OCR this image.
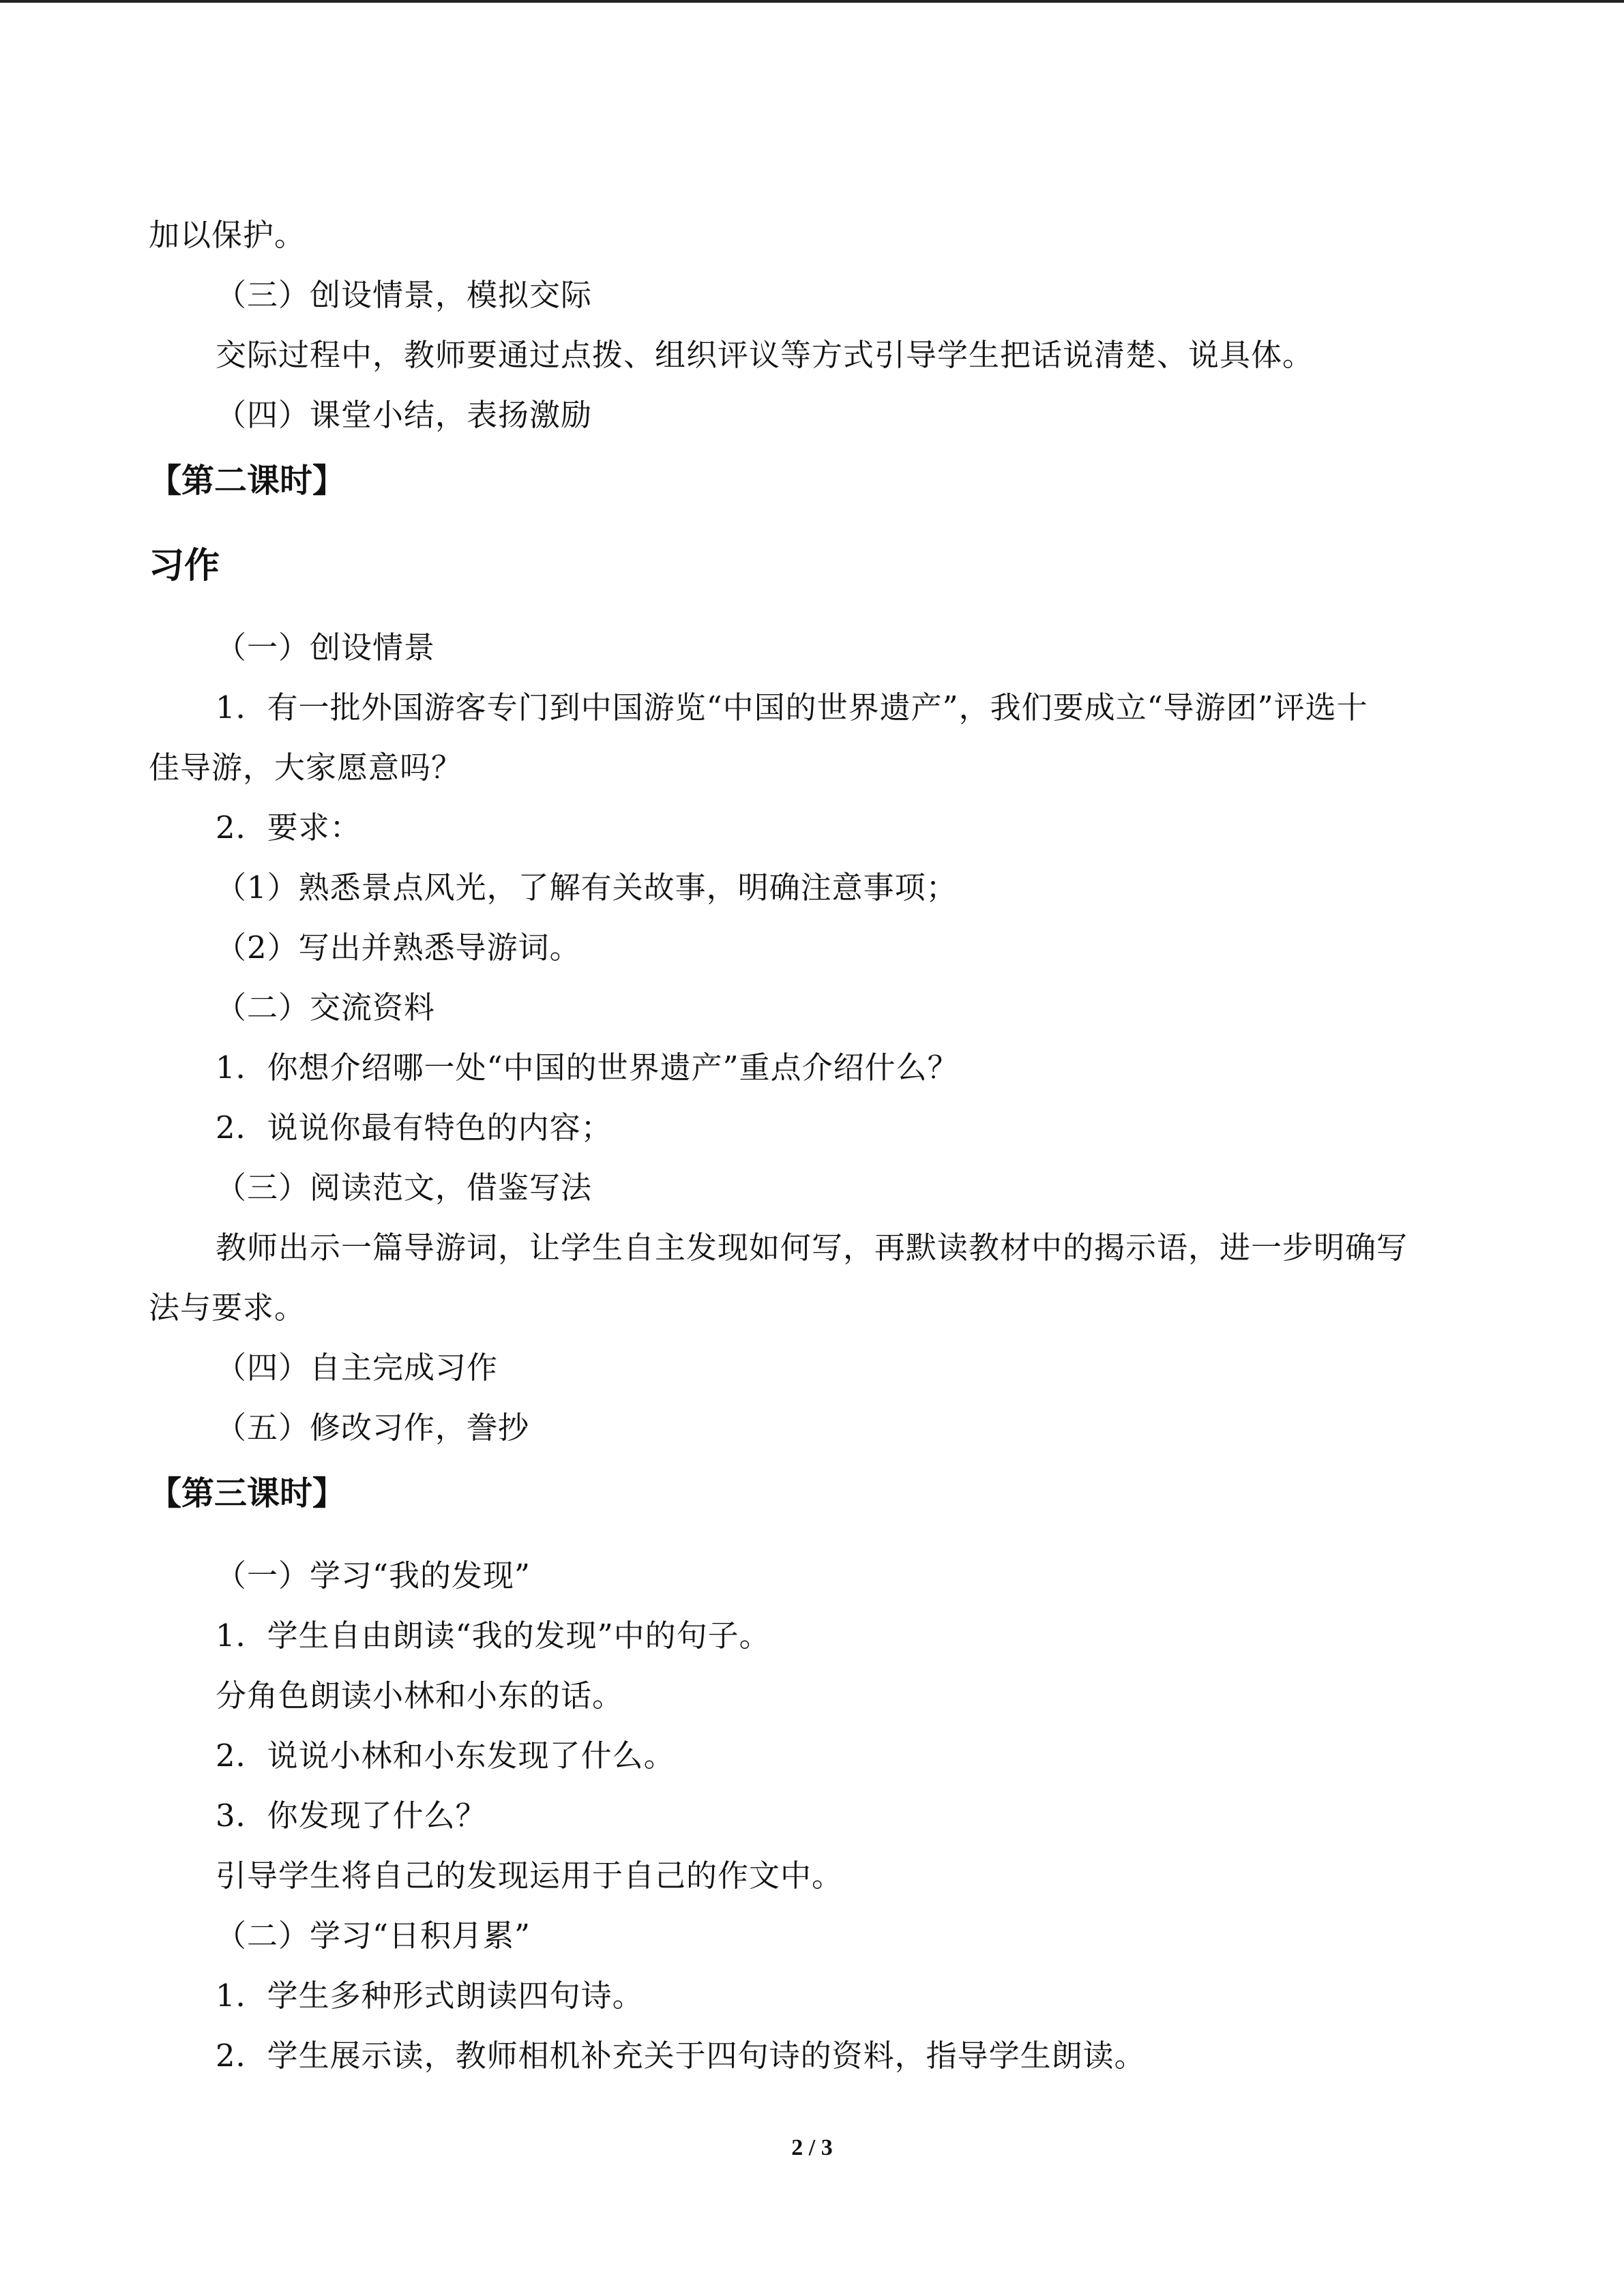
加以保护。
（三）创设情景，模拟交际
交际过程中，教师要通过点拨、组织评议等方式引导学生把话说清楚、说具体。
（四）课堂小结，表扬激励
【第二课时】
习作
（一）创设情景
1．有一批外国游客专门到中国游览“中国的世界遗产”，我们要成立“导游团”评选十
佳导游，大家愿意吗？
2．要求：
（1）熟悉景点风光，了解有关故事，明确注意事项；
（2）写出并熟悉导游词。
（二）交流资料
1．你想介绍哪一处“中国的世界遗产”重点介绍什么？
2．说说你最有特色的内容；
（三）阅读范文，借鉴写法
教师出示一篇导游词，让学生自主发现如何写，再默读教材中的揭示语，进一步明确写
法与要求。
（四）自主完成习作
（五）修改习作，誊抄
【第三课时】
（一）学习“我的发现”
1．学生自由朗读“我的发现”中的句子。
分角色朗读小林和小东的话。
2．说说小林和小东发现了什么。
3．你发现了什么？
引导学生将自己的发现运用于自己的作文中。
（二）学习“日积月累”
1．学生多种形式朗读四句诗。
2．学生展示读，教师相机补充关于四句诗的资料，指导学生朗读。
2 / 3
